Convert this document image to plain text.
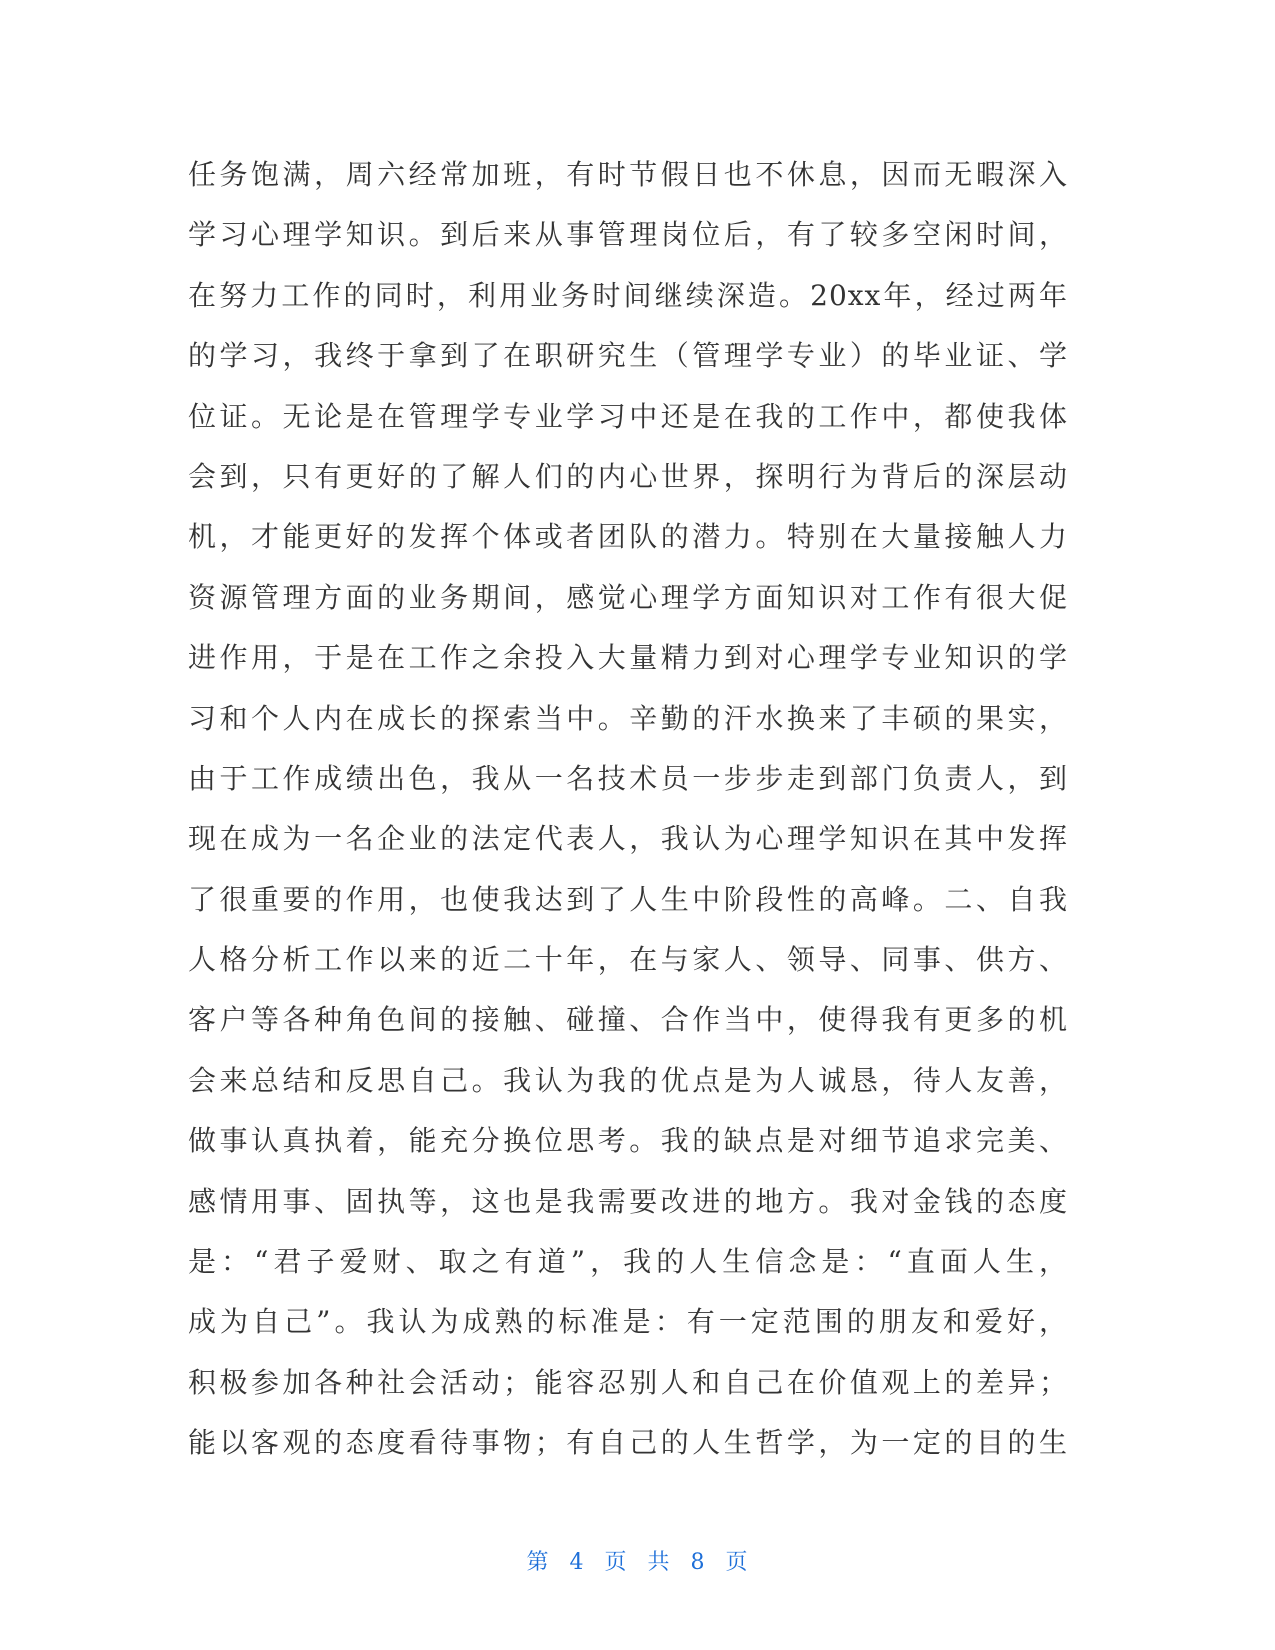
任务饱满，周六经常加班，有时节假日也不休息，因而无暇深入
学习心理学知识。到后来从事管理岗位后，有了较多空闲时间，
在努力工作的同时，利用业务时间继续深造。20xx年，经过两年
的学习，我终于拿到了在职研究生（管理学专业）的毕业证、学
位证。无论是在管理学专业学习中还是在我的工作中，都使我体
会到，只有更好的了解人们的内心世界，探明行为背后的深层动
机，才能更好的发挥个体或者团队的潜力。特别在大量接触人力
资源管理方面的业务期间，感觉心理学方面知识对工作有很大促
进作用，于是在工作之余投入大量精力到对心理学专业知识的学
习和个人内在成长的探索当中。辛勤的汗水换来了丰硕的果实，
由于工作成绩出色，我从一名技术员一步步走到部门负责人，到
现在成为一名企业的法定代表人，我认为心理学知识在其中发挥
了很重要的作用，也使我达到了人生中阶段性的高峰。二、自我
人格分析工作以来的近二十年，在与家人、领导、同事、供方、
客户等各种角色间的接触、碰撞、合作当中，使得我有更多的机
会来总结和反思自己。我认为我的优点是为人诚恳，待人友善，
做事认真执着，能充分换位思考。我的缺点是对细节追求完美、
感情用事、固执等，这也是我需要改进的地方。我对金钱的态度
是：“君子爱财、取之有道”，我的人生信念是：“直面人生，
成为自己”。我认为成熟的标准是：有一定范围的朋友和爱好，
积极参加各种社会活动；能容忍别人和自己在价值观上的差异；
能以客观的态度看待事物；有自己的人生哲学，为一定的目的生
第 4 页 共 8 页
